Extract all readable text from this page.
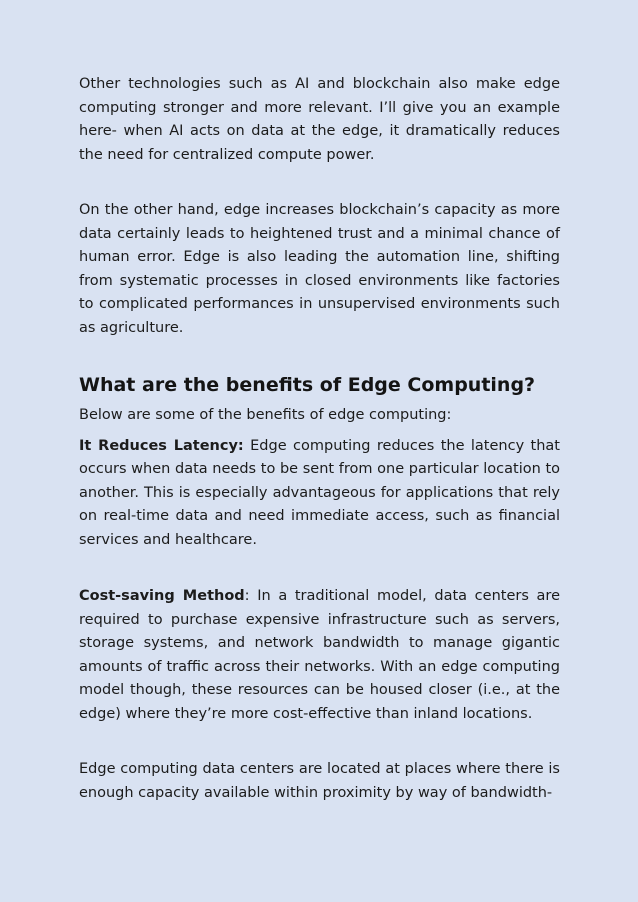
Other technologies such as AI and blockchain also make edge computing stronger and more relevant. I’ll give you an example here- when AI acts on data at the edge, it dramatically reduces the need for centralized compute power.

On the other hand, edge increases blockchain’s capacity as more data certainly leads to heightened trust and a minimal chance of human error. Edge is also leading the automation line, shifting from systematic processes in closed environments like factories to complicated performances in unsupervised environments such as agriculture.

What are the benefits of Edge Computing?

Below are some of the benefits of edge computing:

It Reduces Latency: Edge computing reduces the latency that occurs when data needs to be sent from one particular location to another. This is especially advantageous for applications that rely on real-time data and need immediate access, such as financial services and healthcare.

Cost-saving Method: In a traditional model, data centers are required to purchase expensive infrastructure such as servers, storage systems, and network bandwidth to manage gigantic amounts of traffic across their networks. With an edge computing model though, these resources can be housed closer (i.e., at the edge) where they’re more cost-effective than inland locations.

Edge computing data centers are located at places where there is enough capacity available within proximity by way of bandwidth-
